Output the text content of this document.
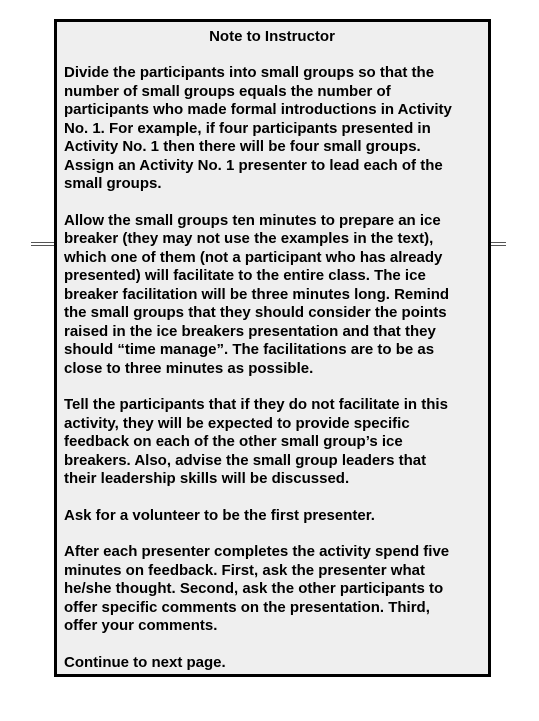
Note to Instructor

Divide the participants into small groups so that the
number of small groups equals the number of
participants who made formal introductions in Activity
No. 1. For example, if four participants presented in
Activity No. 1 then there will be four small groups.
Assign an Activity No. 1 presenter to lead each of the
small groups.

Allow the small groups ten minutes to prepare an ice
breaker (they may not use the examples in the text),
which one of them (not a participant who has already
presented) will facilitate to the entire class. The ice
breaker facilitation will be three minutes long. Remind
the small groups that they should consider the points
raised in the ice breakers presentation and that they
should “time manage”. The facilitations are to be as
close to three minutes as possible.

Tell the participants that if they do not facilitate in this
activity, they will be expected to provide specific
feedback on each of the other small group’s ice
breakers. Also, advise the small group leaders that
their leadership skills will be discussed.

Ask for a volunteer to be the first presenter.

After each presenter completes the activity spend five
minutes on feedback. First, ask the presenter what
he/she thought. Second, ask the other participants to
offer specific comments on the presentation. Third,
offer your comments.

Continue to next page.
